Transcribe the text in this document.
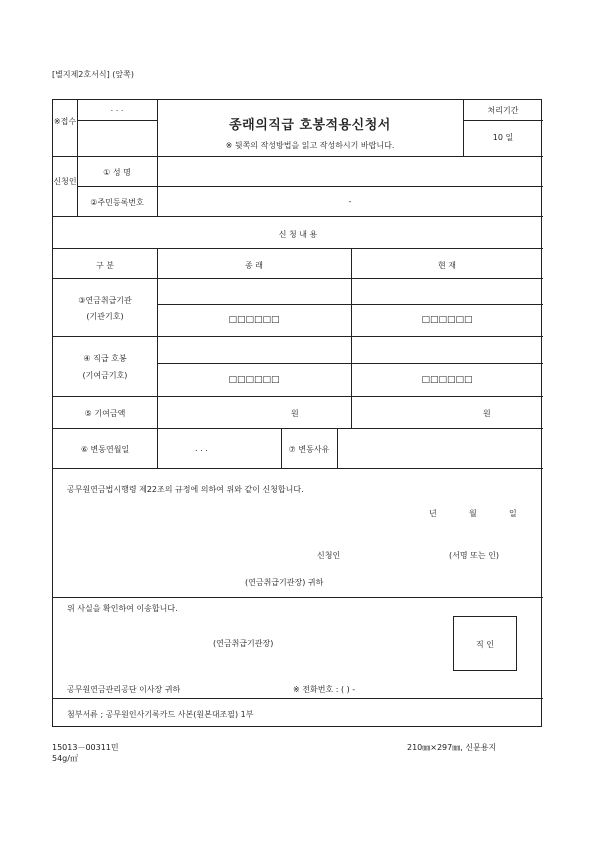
[별지제2호서식] (앞쪽)
※접수
. . .
종래의직급 호봉적용신청서
※ 뒷쪽의 작성방법을 읽고 작성하시기 바랍니다.
처리기간
10 일
신청인
① 성 명
②주민등록번호	-
신 청 내 용
구 분	종 래	현 재
③연금취급기관
(기관기호)	□□□□□□	□□□□□□
④ 직급 호봉
(기여금기호)	□□□□□□	□□□□□□
⑤ 기여금액	원	원
⑥ 변동연월일	. . .	⑦ 변동사유
공무원연금법시행령 제22조의 규정에 의하여 위와 같이 신청합니다.
년	월	일
신청인	(서명 또는 인)
(연금취급기관장) 귀하
위 사실을 확인하여 이송합니다.
(연금취급기관장)	직 인
공무원연금관리공단 이사장 귀하	※ 전화번호 : ( ) -
첨부서류 ; 공무원인사기록카드 사본(원본대조필) 1부
15013－00311민
54g/㎡
210㎜×297㎜, 신문용지
